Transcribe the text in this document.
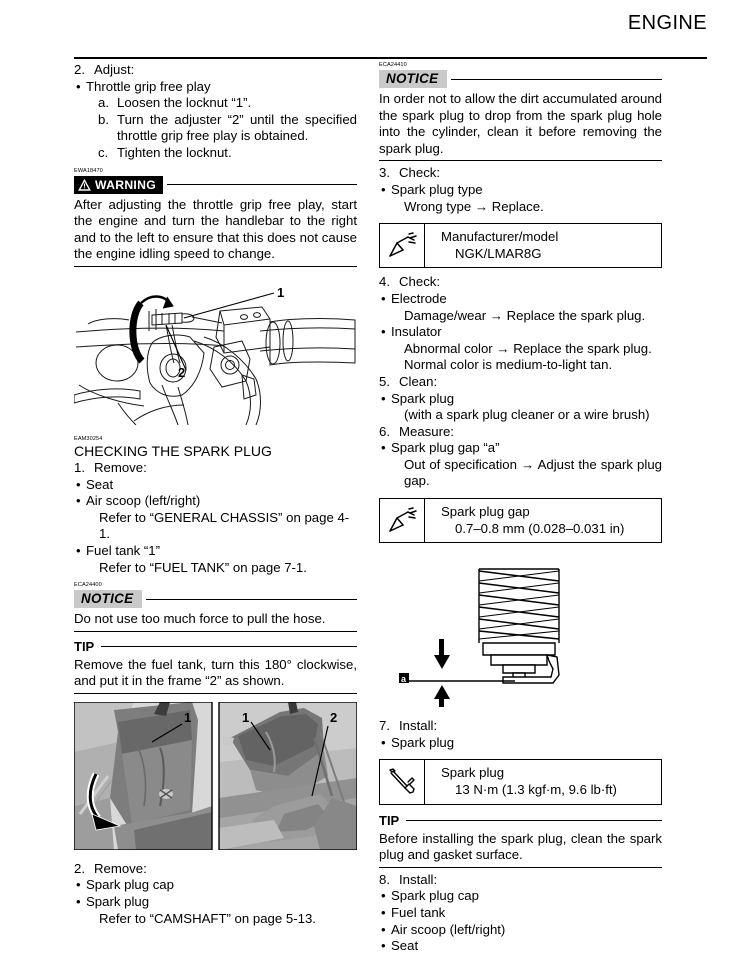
ENGINE
2. Adjust:
• Throttle grip free play
a. Loosen the locknut “1”.
b. Turn the adjuster “2” until the specified throttle grip free play is obtained.
c. Tighten the locknut.
EWA18470
WARNING
After adjusting the throttle grip free play, start the engine and turn the handlebar to the right and to the left to ensure that this does not cause the engine idling speed to change.
1
2
EAM30254
CHECKING THE SPARK PLUG
1. Remove:
• Seat
• Air scoop (left/right)
Refer to “GENERAL CHASSIS” on page 4-1.
• Fuel tank “1”
Refer to “FUEL TANK” on page 7-1.
ECA24400
NOTICE
Do not use too much force to pull the hose.
TIP
Remove the fuel tank, turn this 180° clockwise, and put it in the frame “2” as shown.
1	1	2
2. Remove:
• Spark plug cap
• Spark plug
Refer to “CAMSHAFT” on page 5-13.
ECA24410
NOTICE
In order not to allow the dirt accumulated around the spark plug to drop from the spark plug hole into the cylinder, clean it before removing the spark plug.
3. Check:
• Spark plug type
Wrong type → Replace.
Manufacturer/model
NGK/LMAR8G
4. Check:
• Electrode
Damage/wear → Replace the spark plug.
• Insulator
Abnormal color → Replace the spark plug.
Normal color is medium-to-light tan.
5. Clean:
• Spark plug
(with a spark plug cleaner or a wire brush)
6. Measure:
• Spark plug gap “a”
Out of specification → Adjust the spark plug gap.
Spark plug gap
0.7–0.8 mm (0.028–0.031 in)
a
7. Install:
• Spark plug
Spark plug
13 N·m (1.3 kgf·m, 9.6 lb·ft)
TIP
Before installing the spark plug, clean the spark plug and gasket surface.
8. Install:
• Spark plug cap
• Fuel tank
• Air scoop (left/right)
• Seat
